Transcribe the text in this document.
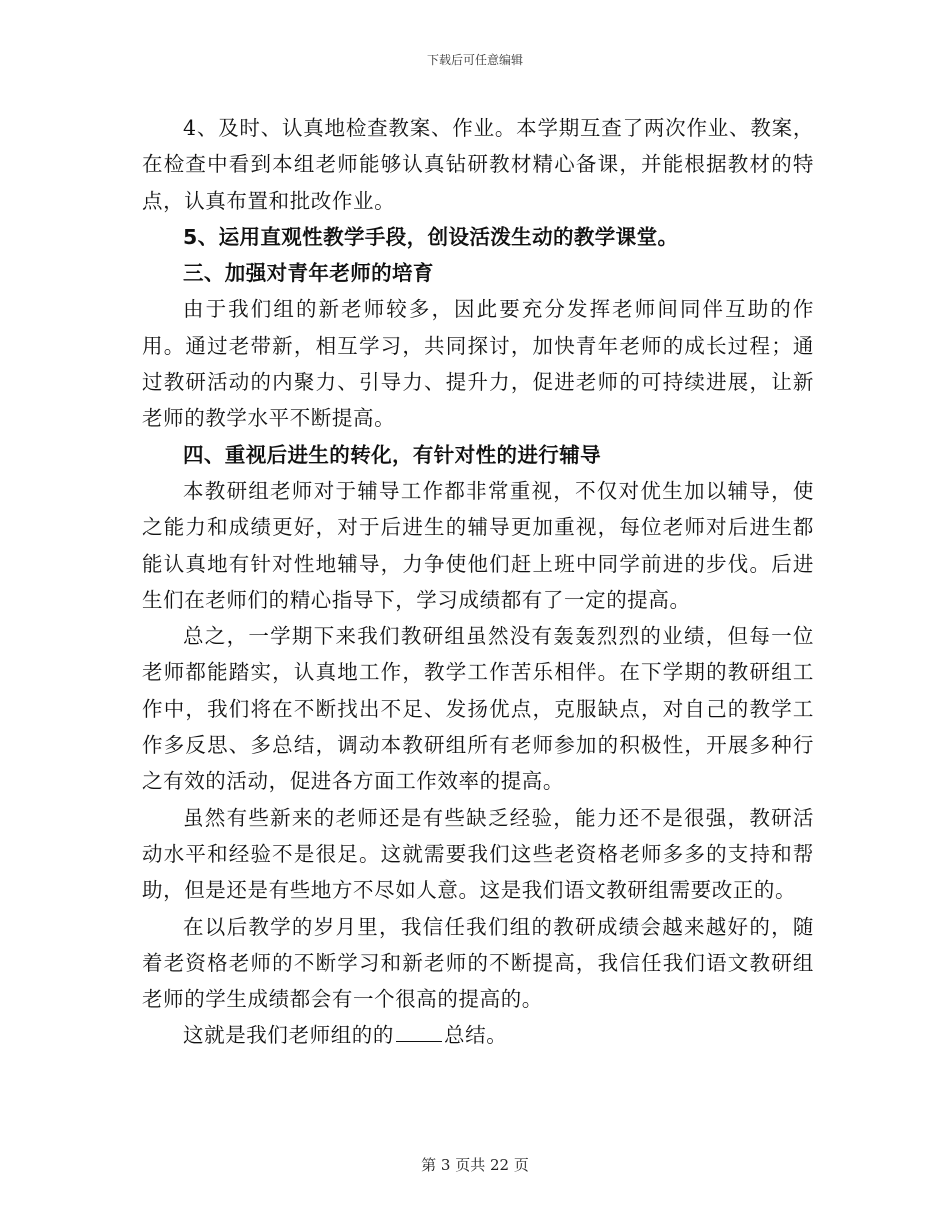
下载后可任意编辑

4、及时、认真地检查教案、作业。本学期互查了两次作业、教案，在检查中看到本组老师能够认真钻研教材精心备课，并能根据教材的特点，认真布置和批改作业。

5、运用直观性教学手段，创设活泼生动的教学课堂。

三、加强对青年老师的培育

由于我们组的新老师较多，因此要充分发挥老师间同伴互助的作用。通过老带新，相互学习，共同探讨，加快青年老师的成长过程；通过教研活动的内聚力、引导力、提升力，促进老师的可持续进展，让新老师的教学水平不断提高。

四、重视后进生的转化，有针对性的进行辅导

本教研组老师对于辅导工作都非常重视，不仅对优生加以辅导，使之能力和成绩更好，对于后进生的辅导更加重视，每位老师对后进生都能认真地有针对性地辅导，力争使他们赶上班中同学前进的步伐。后进生们在老师们的精心指导下，学习成绩都有了一定的提高。

总之，一学期下来我们教研组虽然没有轰轰烈烈的业绩，但每一位老师都能踏实，认真地工作，教学工作苦乐相伴。在下学期的教研组工作中，我们将在不断找出不足、发扬优点，克服缺点，对自己的教学工作多反思、多总结，调动本教研组所有老师参加的积极性，开展多种行之有效的活动，促进各方面工作效率的提高。

虽然有些新来的老师还是有些缺乏经验，能力还不是很强，教研活动水平和经验不是很足。这就需要我们这些老资格老师多多的支持和帮助，但是还是有些地方不尽如人意。这是我们语文教研组需要改正的。

在以后教学的岁月里，我信任我们组的教研成绩会越来越好的，随着老资格老师的不断学习和新老师的不断提高，我信任我们语文教研组老师的学生成绩都会有一个很高的提高的。

这就是我们老师组的的 总结。

第 3 页共 22 页
